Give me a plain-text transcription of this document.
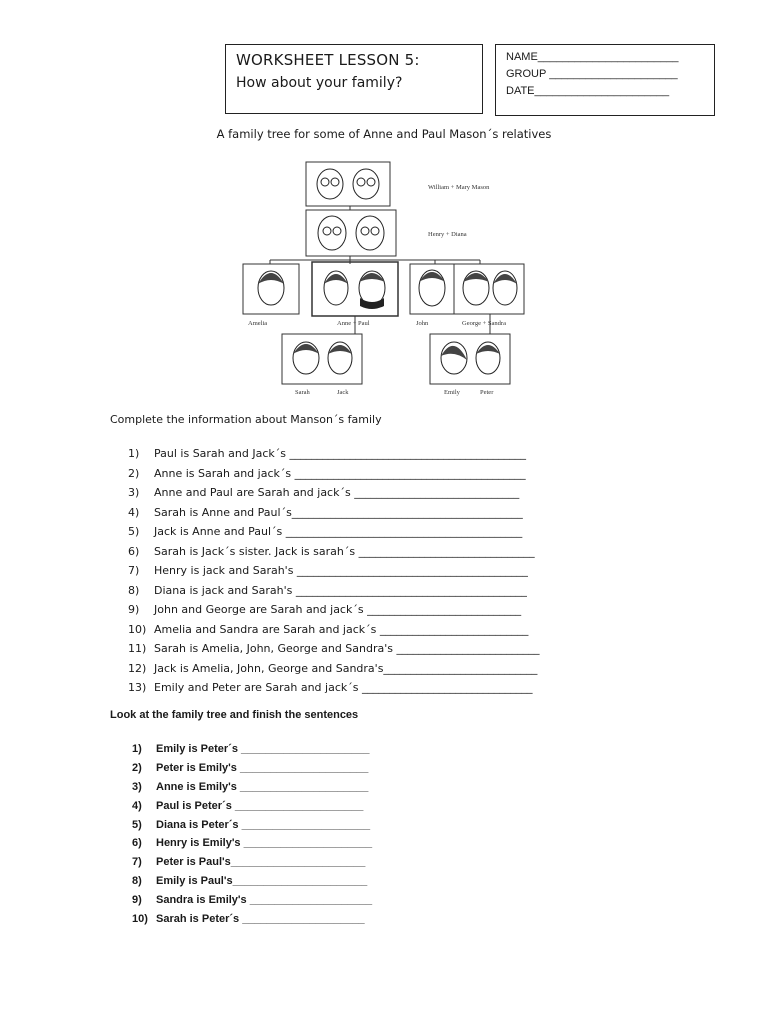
WORKSHEET LESSON 5:
How about your family?
NAME_______________________
GROUP _____________________
DATE______________________
A family tree for some of Anne and Paul Mason´s relatives
William + Mary Mason
Henry + Diana
Amelia	Anne + Paul	John	George + Sandra
Sarah	Jack	Emily	Peter
Complete the information about Manson´s family
1) Paul is Sarah and Jack´s ___________________________________________
2) Anne is Sarah and jack´s __________________________________________
3) Anne and Paul are Sarah and jack´s ______________________________
4) Sarah is Anne and Paul´s__________________________________________
5) Jack is Anne and Paul´s ___________________________________________
6) Sarah is Jack´s sister. Jack is sarah´s ________________________________
7) Henry is jack and Sarah's __________________________________________
8) Diana is jack and Sarah's __________________________________________
9) John and George are Sarah and jack´s ____________________________
10) Amelia and Sandra are Sarah and jack´s ___________________________
11) Sarah is Amelia, John, George and Sandra's __________________________
12) Jack is Amelia, John, George and Sandra's____________________________
13) Emily and Peter are Sarah and jack´s _______________________________
Look at the family tree and finish the sentences
1) Emily is Peter´s _____________________
2) Peter is Emily's _____________________
3) Anne is Emily's _____________________
4) Paul is Peter´s _____________________
5) Diana is Peter´s _____________________
6) Henry is Emily's _____________________
7) Peter is Paul's______________________
8) Emily is Paul's______________________
9) Sandra is Emily's ____________________
10) Sarah is Peter´s ____________________
